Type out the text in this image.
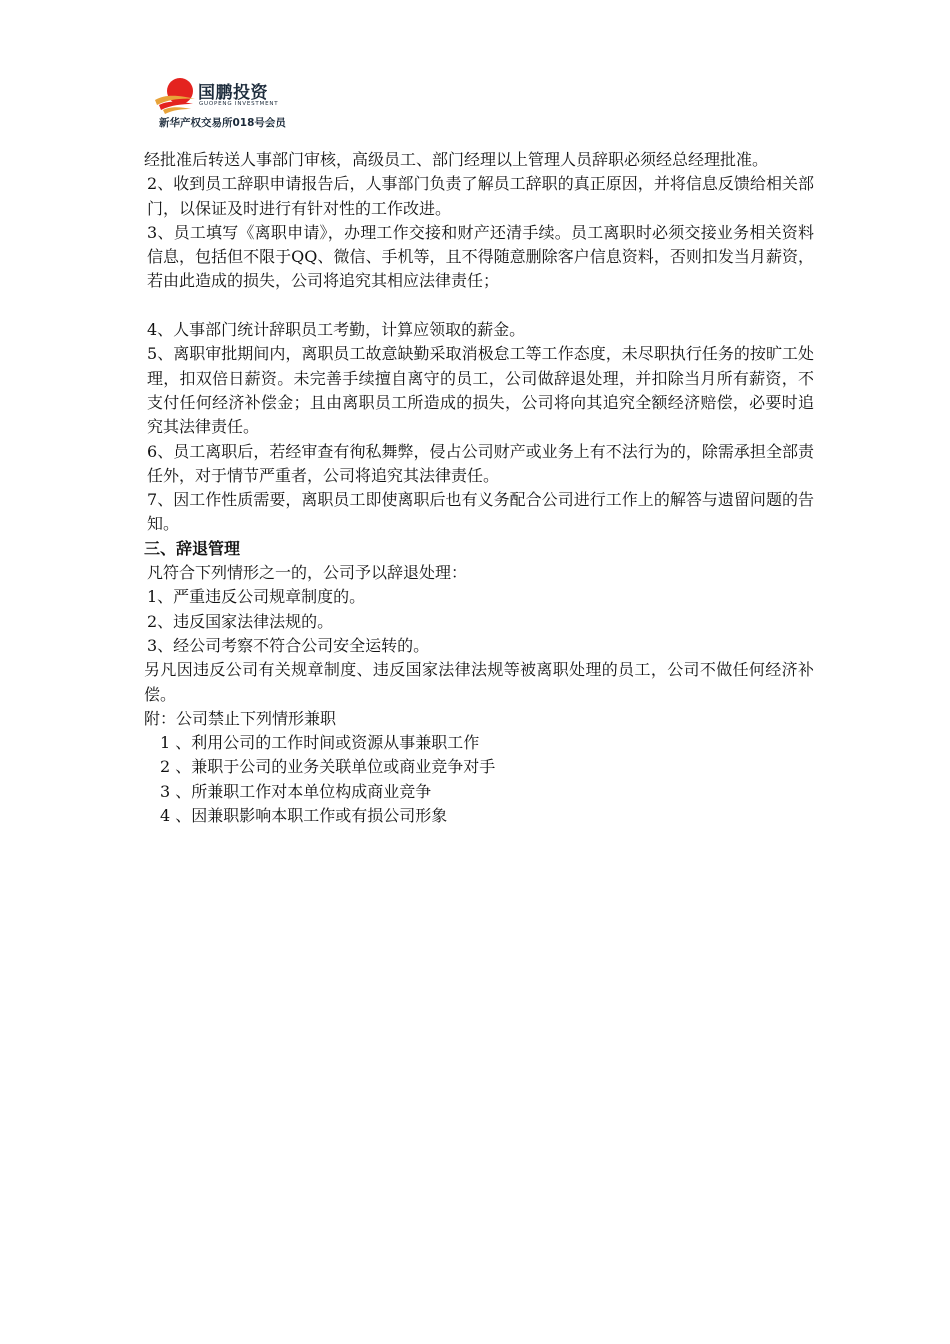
国鹏投资
GUOPENG INVESTMENT
新华产权交易所018号会员

经批准后转送人事部门审核，高级员工、部门经理以上管理人员辞职必须经总经理批准。

2、收到员工辞职申请报告后，人事部门负责了解员工辞职的真正原因，并将信息反馈给相关部门，以保证及时进行有针对性的工作改进。

3、员工填写《离职申请》，办理工作交接和财产还清手续。员工离职时必须交接业务相关资料信息，包括但不限于QQ、微信、手机等，且不得随意删除客户信息资料，否则扣发当月薪资，若由此造成的损失，公司将追究其相应法律责任；

4、人事部门统计辞职员工考勤，计算应领取的薪金。

5、离职审批期间内，离职员工故意缺勤采取消极怠工等工作态度，未尽职执行任务的按旷工处理，扣双倍日薪资。未完善手续擅自离守的员工，公司做辞退处理，并扣除当月所有薪资，不支付任何经济补偿金；且由离职员工所造成的损失，公司将向其追究全额经济赔偿，必要时追究其法律责任。

6、员工离职后，若经审查有徇私舞弊，侵占公司财产或业务上有不法行为的，除需承担全部责任外，对于情节严重者，公司将追究其法律责任。

7、因工作性质需要，离职员工即使离职后也有义务配合公司进行工作上的解答与遗留问题的告知。

三、辞退管理

凡符合下列情形之一的，公司予以辞退处理：

1、严重违反公司规章制度的。

2、违反国家法律法规的。

3、经公司考察不符合公司安全运转的。

另凡因违反公司有关规章制度、违反国家法律法规等被离职处理的员工，公司不做任何经济补偿。

附：公司禁止下列情形兼职

1 、利用公司的工作时间或资源从事兼职工作

2 、兼职于公司的业务关联单位或商业竞争对手

3 、所兼职工作对本单位构成商业竞争

4 、因兼职影响本职工作或有损公司形象
